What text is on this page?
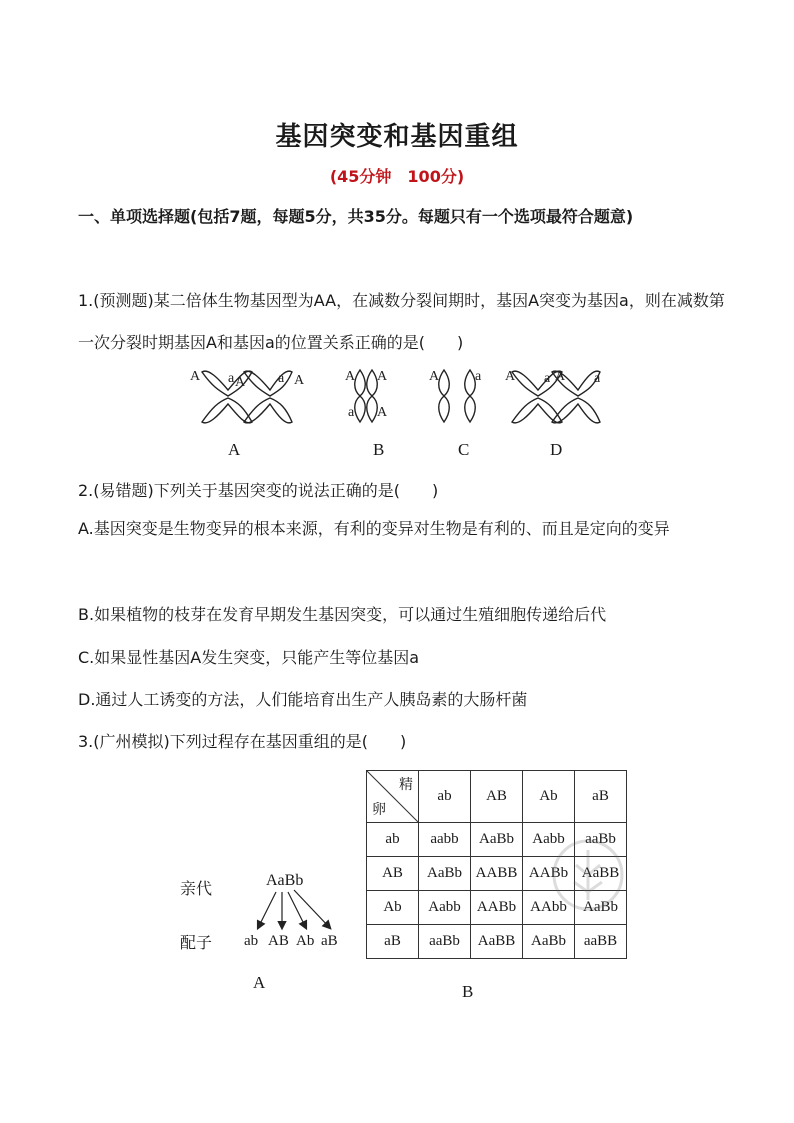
基因突变和基因重组
(45分钟　100分)
一、单项选择题(包括7题，每题5分，共35分。每题只有一个选项最符合题意)
1.(预测题)某二倍体生物基因型为AA，在减数分裂间期时，基因A突变为基因a，则在减数第一次分裂时期基因A和基因a的位置关系正确的是(　　)
A a A a A	A A
a A
A	a A a A a
A	B	C	D
2.(易错题)下列关于基因突变的说法正确的是(　　)
A.基因突变是生物变异的根本来源，有利的变异对生物是有利的、而且是定向的变异
B.如果植物的枝芽在发育早期发生基因突变，可以通过生殖细胞传递给后代
C.如果显性基因A发生突变，只能产生等位基因a
D.通过人工诱变的方法，人们能培育出生产人胰岛素的大肠杆菌
3.(广州模拟)下列过程存在基因重组的是(　　)
亲代
配子
AaBb
ab AB Ab aB
A
精
卵	ab	AB	Ab	aB
ab	aabb	AaBb	Aabb	aaBb
AB	AaBb	AABB	AABb	AaBB
Ab	Aabb	AABb	AAbb	AaBb
aB	aaBb	AaBB	AaBb	aaBB
B
